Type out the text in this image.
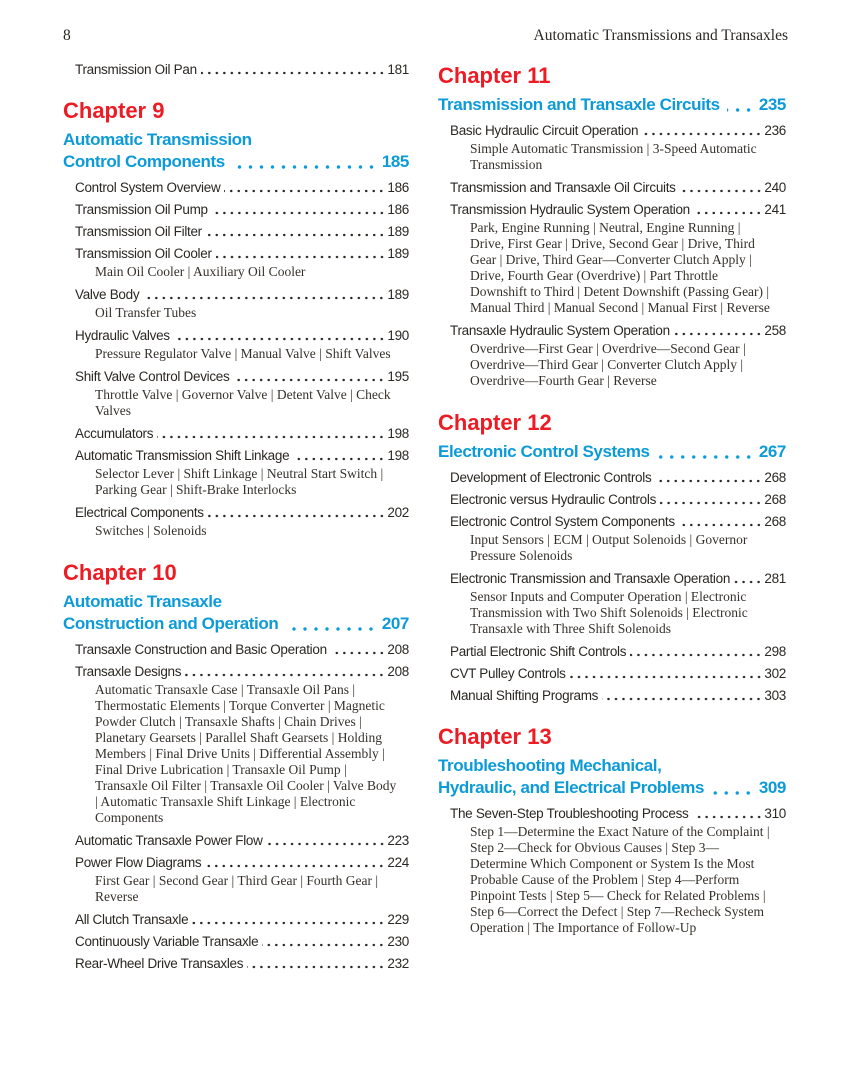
8	Automatic Transmissions and Transaxles
Transmission Oil Pan	181
Chapter 9
Automatic Transmission
Control Components	185
Control System Overview	186
Transmission Oil Pump	186
Transmission Oil Filter	189
Transmission Oil Cooler	189
Main Oil Cooler | Auxiliary Oil Cooler
Valve Body	189
Oil Transfer Tubes
Hydraulic Valves	190
Pressure Regulator Valve | Manual Valve | Shift Valves
Shift Valve Control Devices	195
Throttle Valve | Governor Valve | Detent Valve | Check Valves
Accumulators	198
Automatic Transmission Shift Linkage	198
Selector Lever | Shift Linkage | Neutral Start Switch | Parking Gear | Shift-Brake Interlocks
Electrical Components	202
Switches | Solenoids
Chapter 10
Automatic Transaxle
Construction and Operation	207
Transaxle Construction and Basic Operation	208
Transaxle Designs	208
Automatic Transaxle Case | Transaxle Oil Pans | Thermostatic Elements | Torque Converter | Magnetic Powder Clutch | Transaxle Shafts | Chain Drives | Planetary Gearsets | Parallel Shaft Gearsets | Holding Members | Final Drive Units | Differential Assembly | Final Drive Lubrication | Transaxle Oil Pump | Transaxle Oil Filter | Transaxle Oil Cooler | Valve Body | Automatic Transaxle Shift Linkage | Electronic Components
Automatic Transaxle Power Flow	223
Power Flow Diagrams	224
First Gear | Second Gear | Third Gear | Fourth Gear | Reverse
All Clutch Transaxle	229
Continuously Variable Transaxle	230
Rear-Wheel Drive Transaxles	232
Chapter 11
Transmission and Transaxle Circuits 235
Basic Hydraulic Circuit Operation	236
Simple Automatic Transmission | 3-Speed Automatic Transmission
Transmission and Transaxle Oil Circuits	240
Transmission Hydraulic System Operation	241
Park, Engine Running | Neutral, Engine Running | Drive, First Gear | Drive, Second Gear | Drive, Third Gear | Drive, Third Gear—Converter Clutch Apply | Drive, Fourth Gear (Overdrive) | Part Throttle Downshift to Third | Detent Downshift (Passing Gear) | Manual Third | Manual Second | Manual First | Reverse
Transaxle Hydraulic System Operation	258
Overdrive—First Gear | Overdrive—Second Gear | Overdrive—Third Gear | Converter Clutch Apply | Overdrive—Fourth Gear | Reverse
Chapter 12
Electronic Control Systems	267
Development of Electronic Controls	268
Electronic versus Hydraulic Controls	268
Electronic Control System Components	268
Input Sensors | ECM | Output Solenoids | Governor Pressure Solenoids
Electronic Transmission and Transaxle Operation	281
Sensor Inputs and Computer Operation | Electronic Transmission with Two Shift Solenoids | Electronic Transaxle with Three Shift Solenoids
Partial Electronic Shift Controls	298
CVT Pulley Controls	302
Manual Shifting Programs	303
Chapter 13
Troubleshooting Mechanical,
Hydraulic, and Electrical Problems	309
The Seven-Step Troubleshooting Process	310
Step 1—Determine the Exact Nature of the Complaint | Step 2—Check for Obvious Causes | Step 3—Determine Which Component or System Is the Most Probable Cause of the Problem | Step 4—Perform Pinpoint Tests | Step 5— Check for Related Problems | Step 6—Correct the Defect | Step 7—Recheck System Operation | The Importance of Follow-Up
